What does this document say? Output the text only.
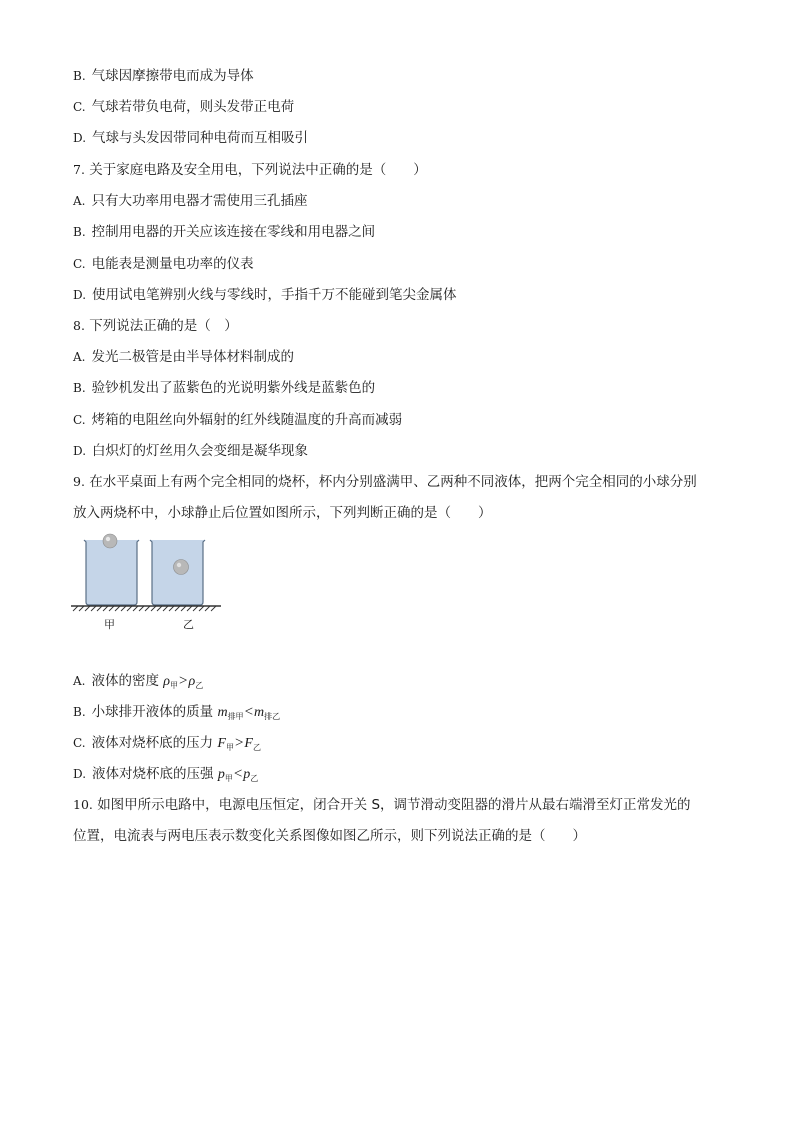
B. 气球因摩擦带电而成为导体
C. 气球若带负电荷，则头发带正电荷
D. 气球与头发因带同种电荷而互相吸引
7. 关于家庭电路及安全用电，下列说法中正确的是（　　）
A. 只有大功率用电器才需使用三孔插座
B. 控制用电器的开关应该连接在零线和用电器之间
C. 电能表是测量电功率的仪表
D. 使用试电笔辨别火线与零线时，手指千万不能碰到笔尖金属体
8. 下列说法正确的是（　）
A. 发光二极管是由半导体材料制成的
B. 验钞机发出了蓝紫色的光说明紫外线是蓝紫色的
C. 烤箱的电阻丝向外辐射的红外线随温度的升高而减弱
D. 白炽灯的灯丝用久会变细是凝华现象
9. 在水平桌面上有两个完全相同的烧杯，杯内分别盛满甲、乙两种不同液体，把两个完全相同的小球分别
放入两烧杯中，小球静止后位置如图所示，下列判断正确的是（　　）
甲	乙
A. 液体的密度 $\rho_甲>\rho_乙$
B. 小球排开液体的质量 $m_{排甲}<m_{排乙}$
C. 液体对烧杯底的压力 $F_甲>F_乙$
D. 液体对烧杯底的压强 $p_甲<p_乙$
10. 如图甲所示电路中，电源电压恒定，闭合开关 S，调节滑动变阻器的滑片从最右端滑至灯正常发光的
位置，电流表与两电压表示数变化关系图像如图乙所示，则下列说法正确的是（　　）
